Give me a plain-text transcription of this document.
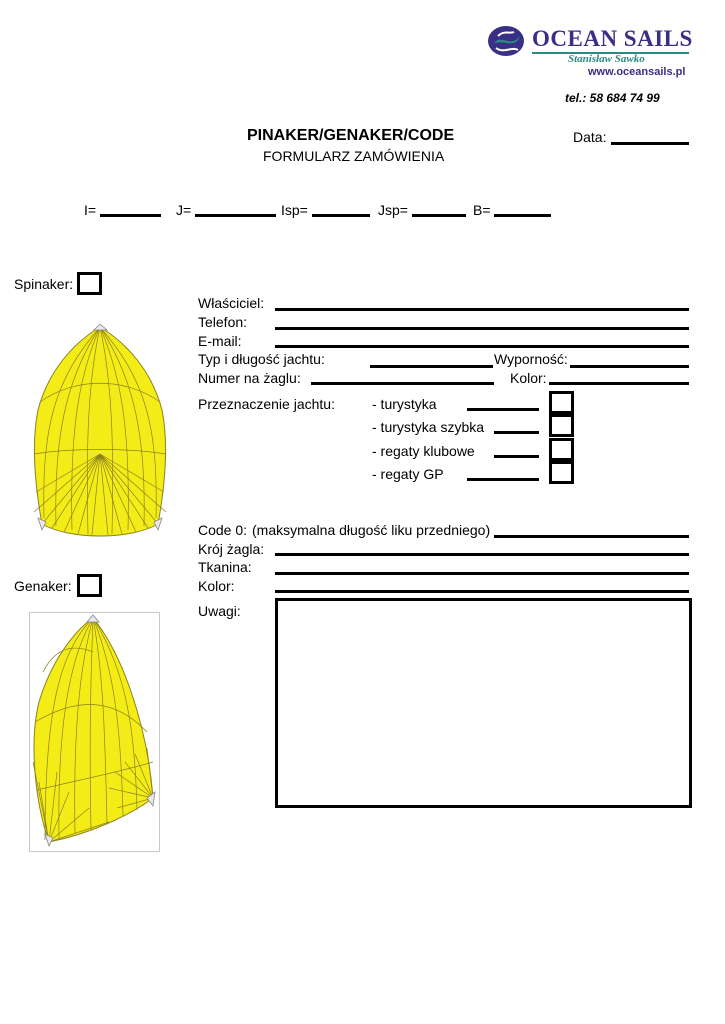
OCEAN SAILS
Stanisław Sawko
www.oceansails.pl
tel.: 58 684 74 99
PINAKER/GENAKER/CODE
FORMULARZ ZAMÓWIENIA
Data:
I=	J=	Isp=	Jsp=	B=
Spinaker:
Genaker:
Właściciel:
Telefon:
E-mail:
Typ i długość jachtu:	Wyporność:
Numer na żaglu:	Kolor:
Przeznaczenie jachtu:	- turystyka
- turystyka szybka
- regaty klubowe
- regaty GP
Code 0: (maksymalna długość liku przedniego)
Krój żagla:
Tkanina:
Kolor:
Uwagi:
